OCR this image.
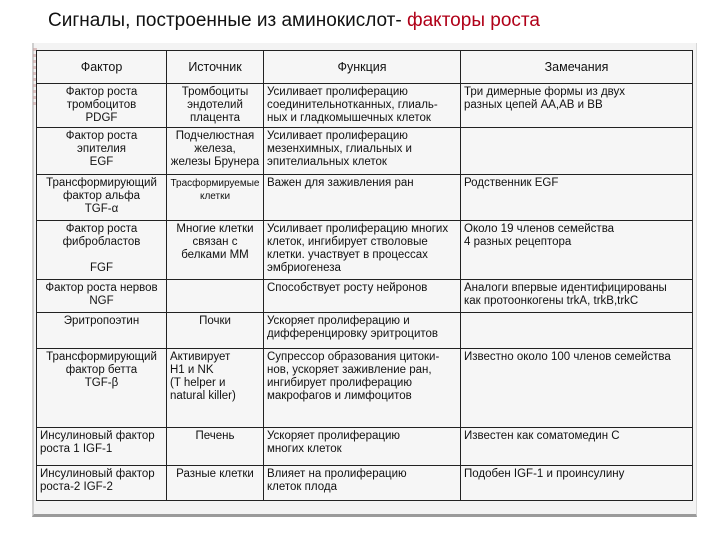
Сигналы, построенные из аминокислот- факторы роста
Фактор	Источник	Функция	Замечания
Фактор роста
тромбоцитов
PDGF	Тромбоциты
эндотелий
плацента	Усиливает пролиферацию
соединительнотканных, глиаль-
ных и гладкомышечных клеток	Три димерные формы из двух
разных цепей АА,АВ и ВВ
Фактор роста
эпителия
EGF	Подчелюстная
железа,
железы Брунера	Усиливает пролиферацию
мезенхимных, глиальных и
эпителиальных клеток	
Трансформирующий
фактор альфа
TGF-α	Трасформируемые
клетки	Важен для заживления ран	Родственник EGF
Фактор роста
фибробластов

FGF	Многие клетки
связан с
белками ММ	Усиливает пролиферацию многих
клеток, ингибирует стволовые
клетки. участвует в процессах
эмбриогенеза	Около 19 членов семейства
4 разных рецептора
Фактор роста нервов
NGF		Способствует росту нейронов	Аналоги впервые идентифицированы
как протоонкогены trkA, trkB,trkC
Эритропоэтин	Почки	Ускоряет пролиферацию и
дифференцировку эритроцитов	
Трансформирующий
фактор бетта
TGF-β	Активирует
H1 и NK
(T helper и
natural killer)	Супрессор образования цитоки-
нов, ускоряет заживление ран,
ингибирует пролиферацию
макрофагов и лимфоцитов	Известно около 100 членов семейства
Инсулиновый фактор
роста 1 IGF-1	Печень	Ускоряет пролиферацию
многих клеток	Известен как соматомедин С
Инсулиновый фактор
роста-2 IGF-2	Разные клетки	Влияет на пролиферацию
клеток плода	Подобен IGF-1 и проинсулину
